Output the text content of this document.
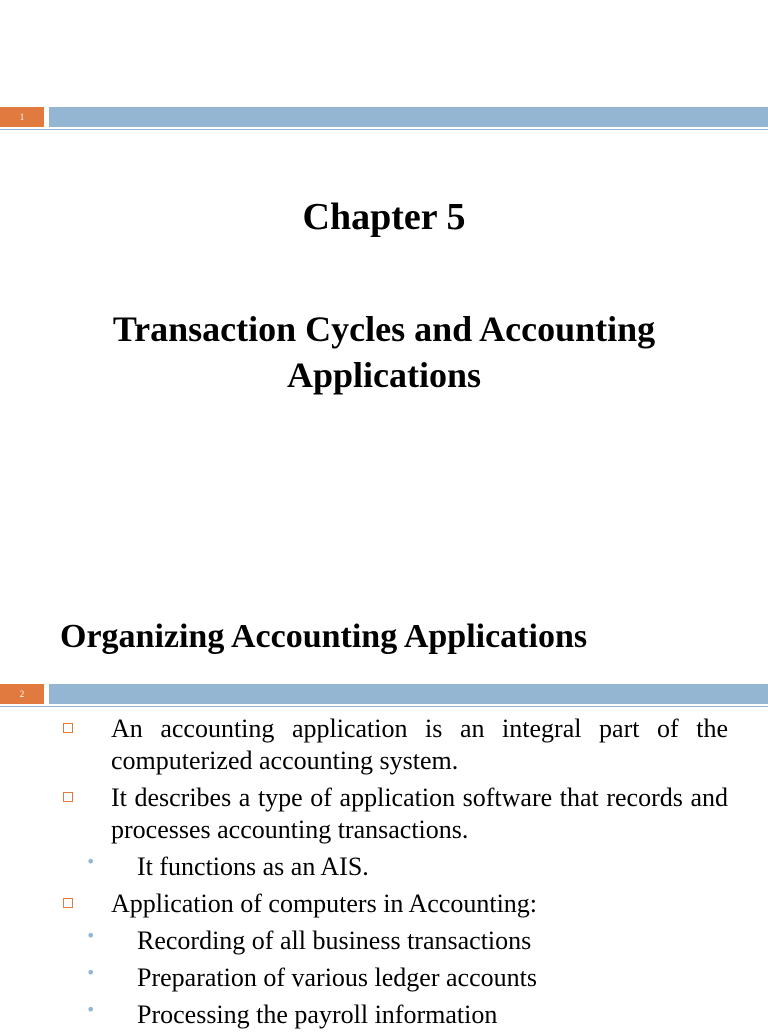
1
Chapter 5
Transaction Cycles and Accounting Applications
Organizing Accounting Applications
2
An accounting application is an integral part of the computerized accounting system.
It describes a type of application software that records and processes accounting transactions.
• It functions as an AIS.
Application of computers in Accounting:
• Recording of all business transactions
• Preparation of various ledger accounts
• Processing the payroll information
